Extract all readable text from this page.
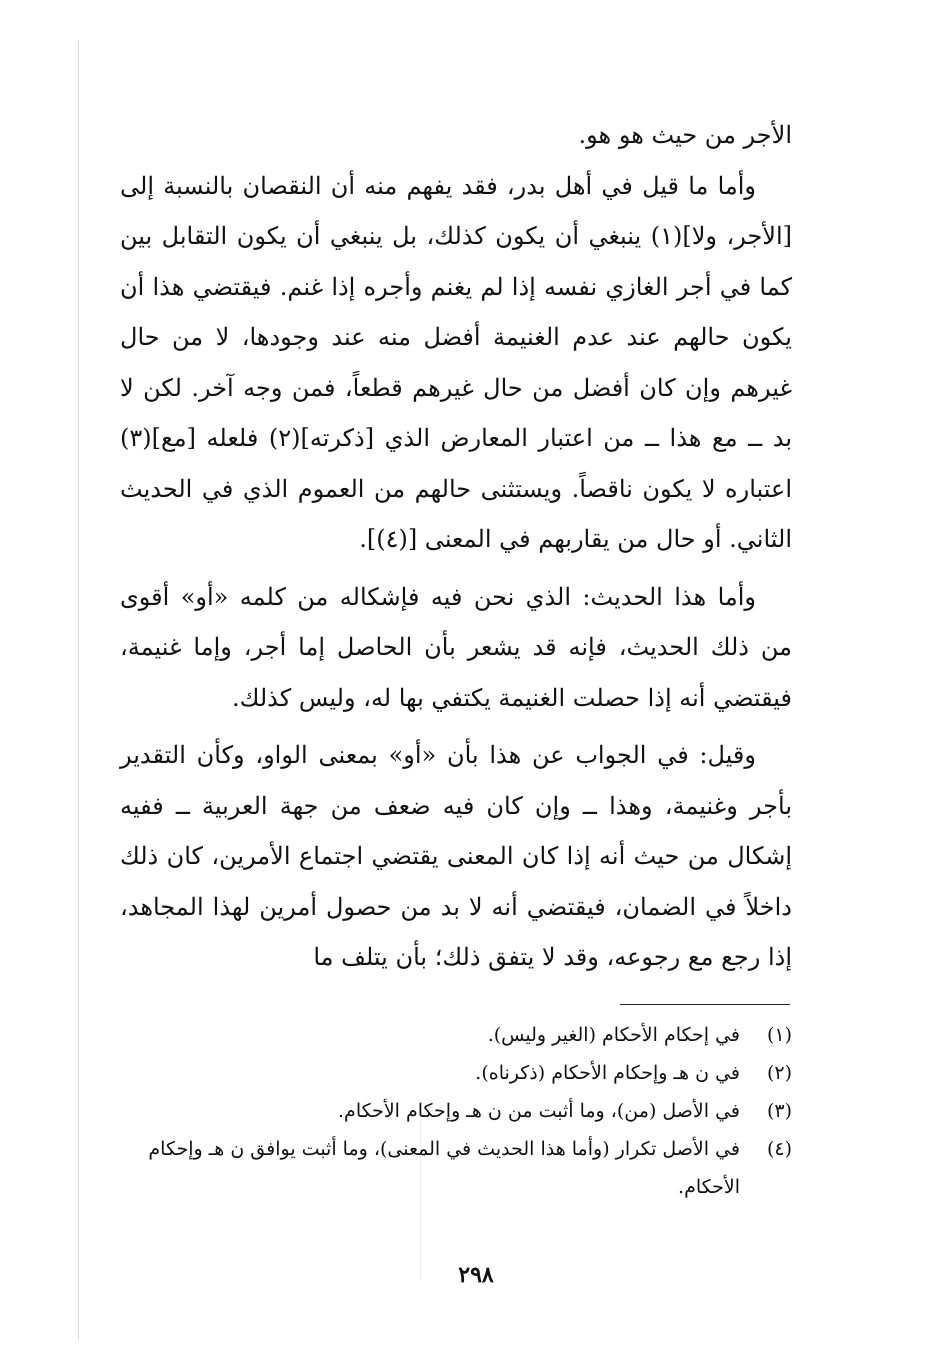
الأجر من حيث هو هو.

وأما ما قيل في أهل بدر، فقد يفهم منه أن النقصان بالنسبة إلى [الأجر، ولا](١) ينبغي أن يكون كذلك، بل ينبغي أن يكون التقابل بين كما في أجر الغازي نفسه إذا لم يغنم وأجره إذا غنم. فيقتضي هذا أن يكون حالهم عند عدم الغنيمة أفضل منه عند وجودها، لا من حال غيرهم وإن كان أفضل من حال غيرهم قطعاً، فمن وجه آخر. لكن لا بد ــ مع هذا ــ من اعتبار المعارض الذي [ذكرته](٢) فلعله [مع](٣) اعتباره لا يكون ناقصاً. ويستثنى حالهم من العموم الذي في الحديث الثاني. أو حال من يقاربهم في المعنى [(٤)].

وأما هذا الحديث: الذي نحن فيه فإشكاله من كلمه «أو» أقوى من ذلك الحديث، فإنه قد يشعر بأن الحاصل إما أجر، وإما غنيمة، فيقتضي أنه إذا حصلت الغنيمة يكتفي بها له، وليس كذلك.

وقيل: في الجواب عن هذا بأن «أو» بمعنى الواو، وكأن التقدير بأجر وغنيمة، وهذا ــ وإن كان فيه ضعف من جهة العربية ــ ففيه إشكال من حيث أنه إذا كان المعنى يقتضي اجتماع الأمرين، كان ذلك داخلاً في الضمان، فيقتضي أنه لا بد من حصول أمرين لهذا المجاهد، إذا رجع مع رجوعه، وقد لا يتفق ذلك؛ بأن يتلف ما

(١)
في إحكام الأحكام (الغير وليس).
(٢)
في ن هـ وإحكام الأحكام (ذكرناه).
(٣)
في الأصل (من)، وما أثبت من ن هـ وإحكام الأحكام.
(٤)
في الأصل تكرار (وأما هذا الحديث في المعنى)، وما أثبت يوافق ن هـ وإحكام الأحكام.
٢٩٨
